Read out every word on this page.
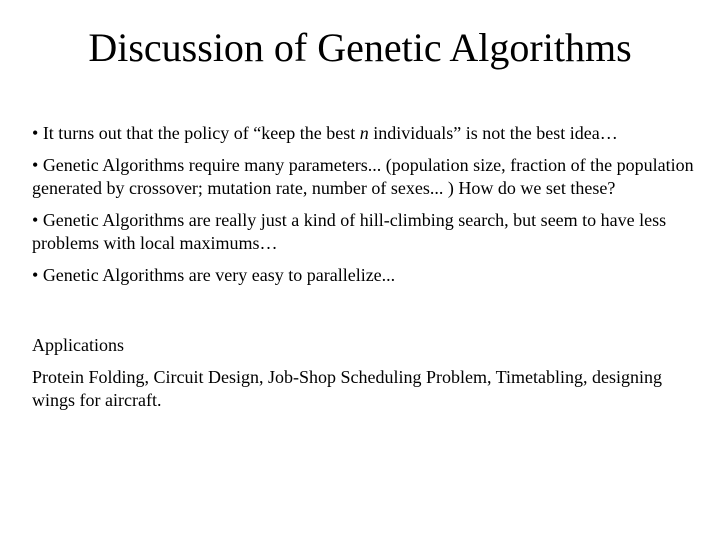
Discussion of Genetic Algorithms

• It turns out that the policy of “keep the best n individuals” is not the best idea…

• Genetic Algorithms require many parameters... (population size, fraction of the population generated by crossover; mutation rate, number of sexes... ) How do we set these?

• Genetic Algorithms are really just a kind of hill-climbing search, but seem to have less problems with local maximums…

• Genetic Algorithms are very easy to parallelize...

Applications

Protein Folding, Circuit Design, Job-Shop Scheduling Problem, Timetabling, designing wings for aircraft.
